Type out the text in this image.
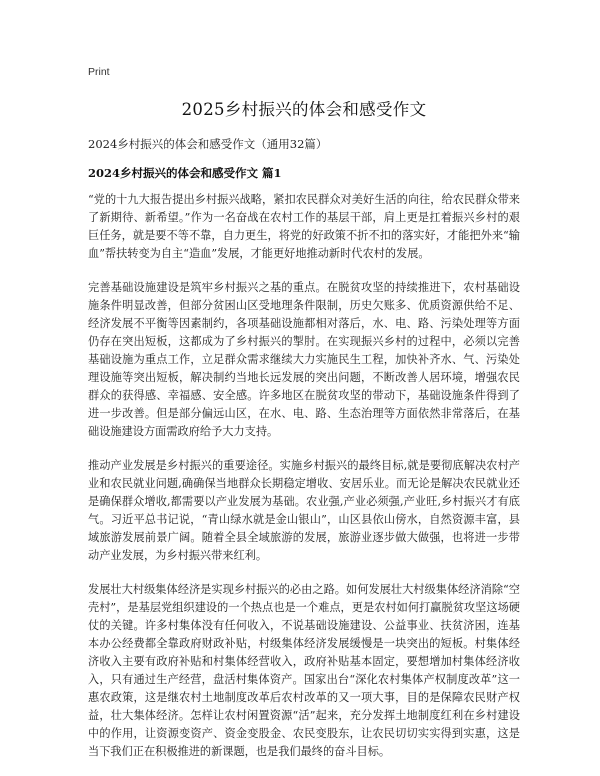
Print
2025乡村振兴的体会和感受作文
2024乡村振兴的体会和感受作文（通用32篇）
2024乡村振兴的体会和感受作文 篇1

“党的十九大报告提出乡村振兴战略，紧扣农民群众对美好生活的向往，给农民群众带来了新期待、新希望。”作为一名奋战在农村工作的基层干部，肩上更是扛着振兴乡村的艰巨任务，就是要不等不靠，自力更生，将党的好政策不折不扣的落实好，才能把外来“输血”帮扶转变为自主“造血”发展，才能更好地推动新时代农村的发展。

完善基础设施建设是筑牢乡村振兴之基的重点。在脱贫攻坚的持续推进下，农村基础设施条件明显改善，但部分贫困山区受地理条件限制，历史欠账多、优质资源供给不足、经济发展不平衡等因素制约，各项基础设施都相对落后，水、电、路、污染处理等方面仍存在突出短板，这都成为了乡村振兴的掣肘。在实现振兴乡村的过程中，必须以完善基础设施为重点工作，立足群众需求继续大力实施民生工程，加快补齐水、气、污染处理设施等突出短板，解决制约当地长远发展的突出问题，不断改善人居环境，增强农民群众的获得感、幸福感、安全感。许多地区在脱贫攻坚的带动下，基础设施条件得到了进一步改善。但是部分偏远山区，在水、电、路、生态治理等方面依然非常落后，在基础设施建设方面需政府给予大力支持。

推动产业发展是乡村振兴的重要途径。实施乡村振兴的最终目标,就是要彻底解决农村产业和农民就业问题,确确保当地群众长期稳定增收、安居乐业。而无论是解决农民就业还是确保群众增收,都需要以产业发展为基础。农业强,产业必须强,产业旺,乡村振兴才有底气。习近平总书记说，“青山绿水就是金山银山”，山区县依山傍水，自然资源丰富，县域旅游发展前景广阔。随着全县全域旅游的发展，旅游业逐步做大做强，也将进一步带动产业发展，为乡村振兴带来红利。

发展壮大村级集体经济是实现乡村振兴的必由之路。如何发展壮大村级集体经济消除“空壳村”，是基层党组织建设的一个热点也是一个难点，更是农村如何打赢脱贫攻坚这场硬仗的关键。许多村集体没有任何收入，不说基础设施建设、公益事业、扶贫济困，连基本办公经费都全靠政府财政补贴，村级集体经济发展缓慢是一块突出的短板。村集体经济收入主要有政府补贴和村集体经营收入，政府补贴基本固定，要想增加村集体经济收入，只有通过生产经营，盘活村集体资产。国家出台“深化农村集体产权制度改革”这一惠农政策，这是继农村土地制度改革后农村改革的又一项大事，目的是保障农民财产权益，壮大集体经济。怎样让农村闲置资源“活”起来，充分发挥土地制度红利在乡村建设中的作用，让资源变资产、资金变股金、农民变股东，让农民切切实实得到实惠，这是当下我们正在积极推进的新课题，也是我们最终的奋斗目标。
